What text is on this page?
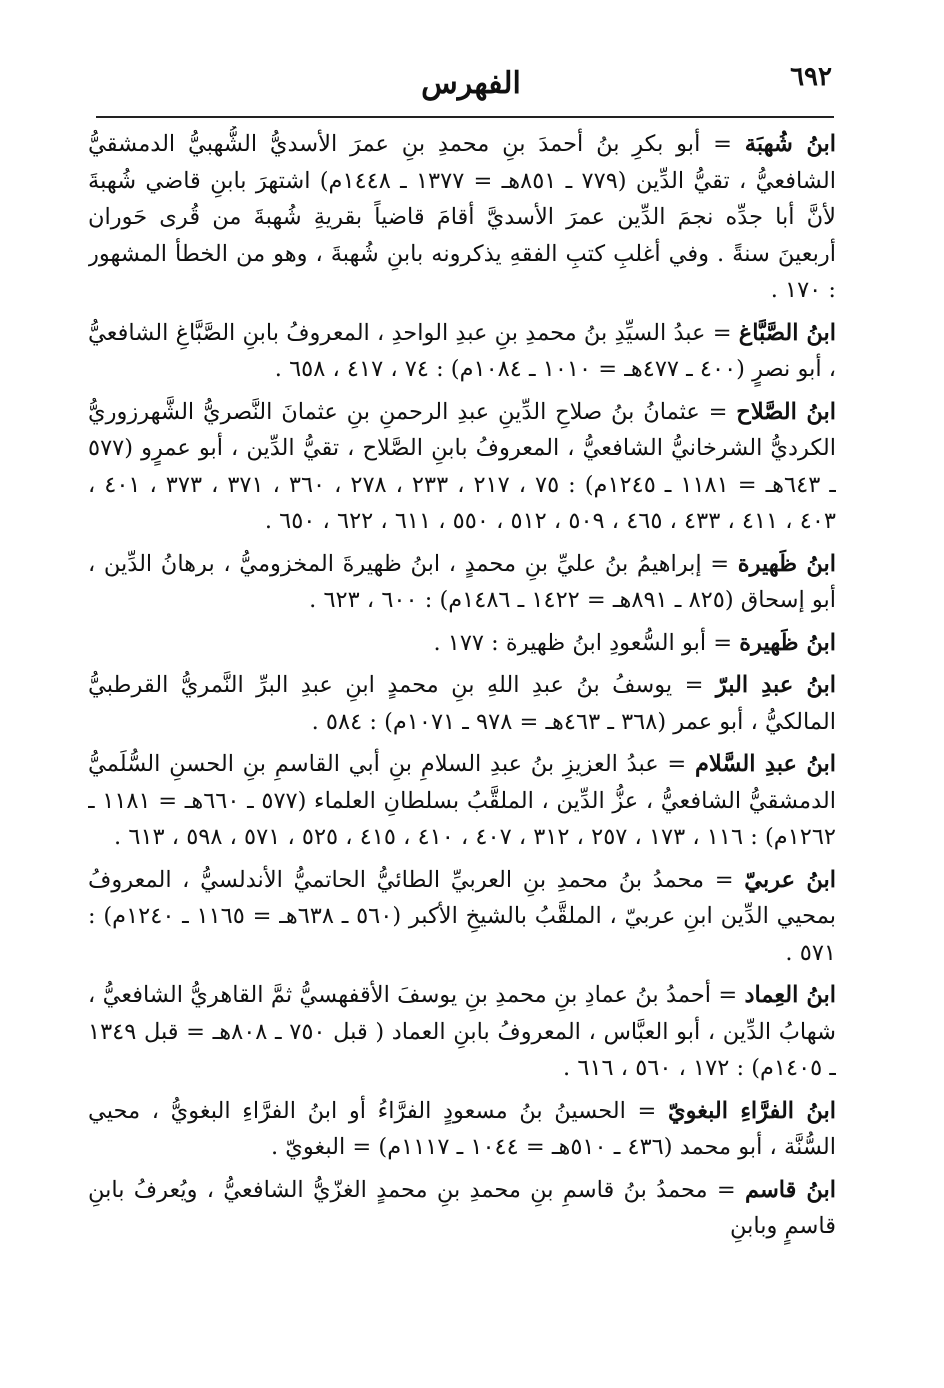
٦٩٢
الفهرس

ابنُ شُهبَة = أبو بكرِ بنُ أحمدَ بنِ محمدِ بنِ عمرَ الأسديُّ الشُّهبيُّ الدمشقيُّ الشافعيُّ ، تقيُّ الدِّين (٧٧٩ ـ ٨٥١هـ = ١٣٧٧ ـ ١٤٤٨م) اشتهرَ بابنِ قاضي شُهبةَ لأنَّ أبا جدِّه نجمَ الدِّين عمرَ الأسديَّ أقامَ قاضياً بقريةِ شُهبةَ من قُرى حَوران أربعينَ سنةً . وفي أغلبِ كتبِ الفقهِ يذكرونه بابنِ شُهبةَ ، وهو من الخطأ المشهور : ١٧٠ .

ابنُ الصَّبَّاغ = عبدُ السيِّدِ بنُ محمدِ بنِ عبدِ الواحدِ ، المعروفُ بابنِ الصَّبَّاغِ الشافعيُّ ، أبو نصرٍ (٤٠٠ ـ ٤٧٧هـ = ١٠١٠ ـ ١٠٨٤م) : ٧٤ ، ٤١٧ ، ٦٥٨ .

ابنُ الصَّلاح = عثمانُ بنُ صلاحِ الدِّينِ عبدِ الرحمنِ بنِ عثمانَ النَّصريُّ الشَّهرزوريُّ الكرديُّ الشرخانيُّ الشافعيُّ ، المعروفُ بابنِ الصَّلاح ، تقيُّ الدِّين ، أبو عمرٍو (٥٧٧ ـ ٦٤٣هـ = ١١٨١ ـ ١٢٤٥م) : ٧٥ ، ٢١٧ ، ٢٣٣ ، ٢٧٨ ، ٣٦٠ ، ٣٧١ ، ٣٧٣ ، ٤٠١ ، ٤٠٣ ، ٤١١ ، ٤٣٣ ، ٤٦٥ ، ٥٠٩ ، ٥١٢ ، ٥٥٠ ، ٦١١ ، ٦٢٢ ، ٦٥٠ .

ابنُ ظَهيرة = إبراهيمُ بنُ عليِّ بنِ محمدٍ ، ابنُ ظهيرةَ المخزوميُّ ، برهانُ الدِّين ، أبو إسحاق (٨٢٥ ـ ٨٩١هـ = ١٤٢٢ ـ ١٤٨٦م) : ٦٠٠ ، ٦٢٣ .

ابنُ ظَهيرة = أبو السُّعودِ ابنُ ظهيرة : ١٧٧ .

ابنُ عبدِ البرّ = يوسفُ بنُ عبدِ اللهِ بنِ محمدٍ ابنِ عبدِ البرِّ النَّمريُّ القرطبيُّ المالكيُّ ، أبو عمر (٣٦٨ ـ ٤٦٣هـ = ٩٧٨ ـ ١٠٧١م) : ٥٨٤ .

ابنُ عبدِ السَّلام = عبدُ العزيزِ بنُ عبدِ السلامِ بنِ أبي القاسمِ بنِ الحسنِ السُّلَميُّ الدمشقيُّ الشافعيُّ ، عزُّ الدِّين ، الملقَّبُ بسلطانِ العلماء (٥٧٧ ـ ٦٦٠هـ = ١١٨١ ـ ١٢٦٢م) : ١١٦ ، ١٧٣ ، ٢٥٧ ، ٣١٢ ، ٤٠٧ ، ٤١٠ ، ٤١٥ ، ٥٢٥ ، ٥٧١ ، ٥٩٨ ، ٦١٣ .

ابنُ عربيّ = محمدُ بنُ محمدِ بنِ العربيِّ الطائيُّ الحاتميُّ الأندلسيُّ ، المعروفُ بمحيي الدِّين ابنِ عربيّ ، الملقَّبُ بالشيخِ الأكبر (٥٦٠ ـ ٦٣٨هـ = ١١٦٥ ـ ١٢٤٠م) : ٥٧١ .

ابنُ العِماد = أحمدُ بنُ عمادِ بنِ محمدِ بنِ يوسفَ الأقفهسيُّ ثمَّ القاهريُّ الشافعيُّ ، شهابُ الدِّين ، أبو العبَّاس ، المعروفُ بابنِ العماد ( قبل ٧٥٠ ـ ٨٠٨هـ = قبل ١٣٤٩ ـ ١٤٠٥م) : ١٧٢ ، ٥٦٠ ، ٦١٦ .

ابنُ الفرَّاءِ البغويّ = الحسينُ بنُ مسعودٍ الفرَّاءُ أو ابنُ الفرَّاءِ البغويُّ ، محيي السُّنَّة ، أبو محمد (٤٣٦ ـ ٥١٠هـ = ١٠٤٤ ـ ١١١٧م) = البغويّ .

ابنُ قاسم = محمدُ بنُ قاسمِ بنِ محمدِ بنِ محمدٍ الغزّيُّ الشافعيُّ ، ويُعرفُ بابنِ قاسمٍ وبابنِ
